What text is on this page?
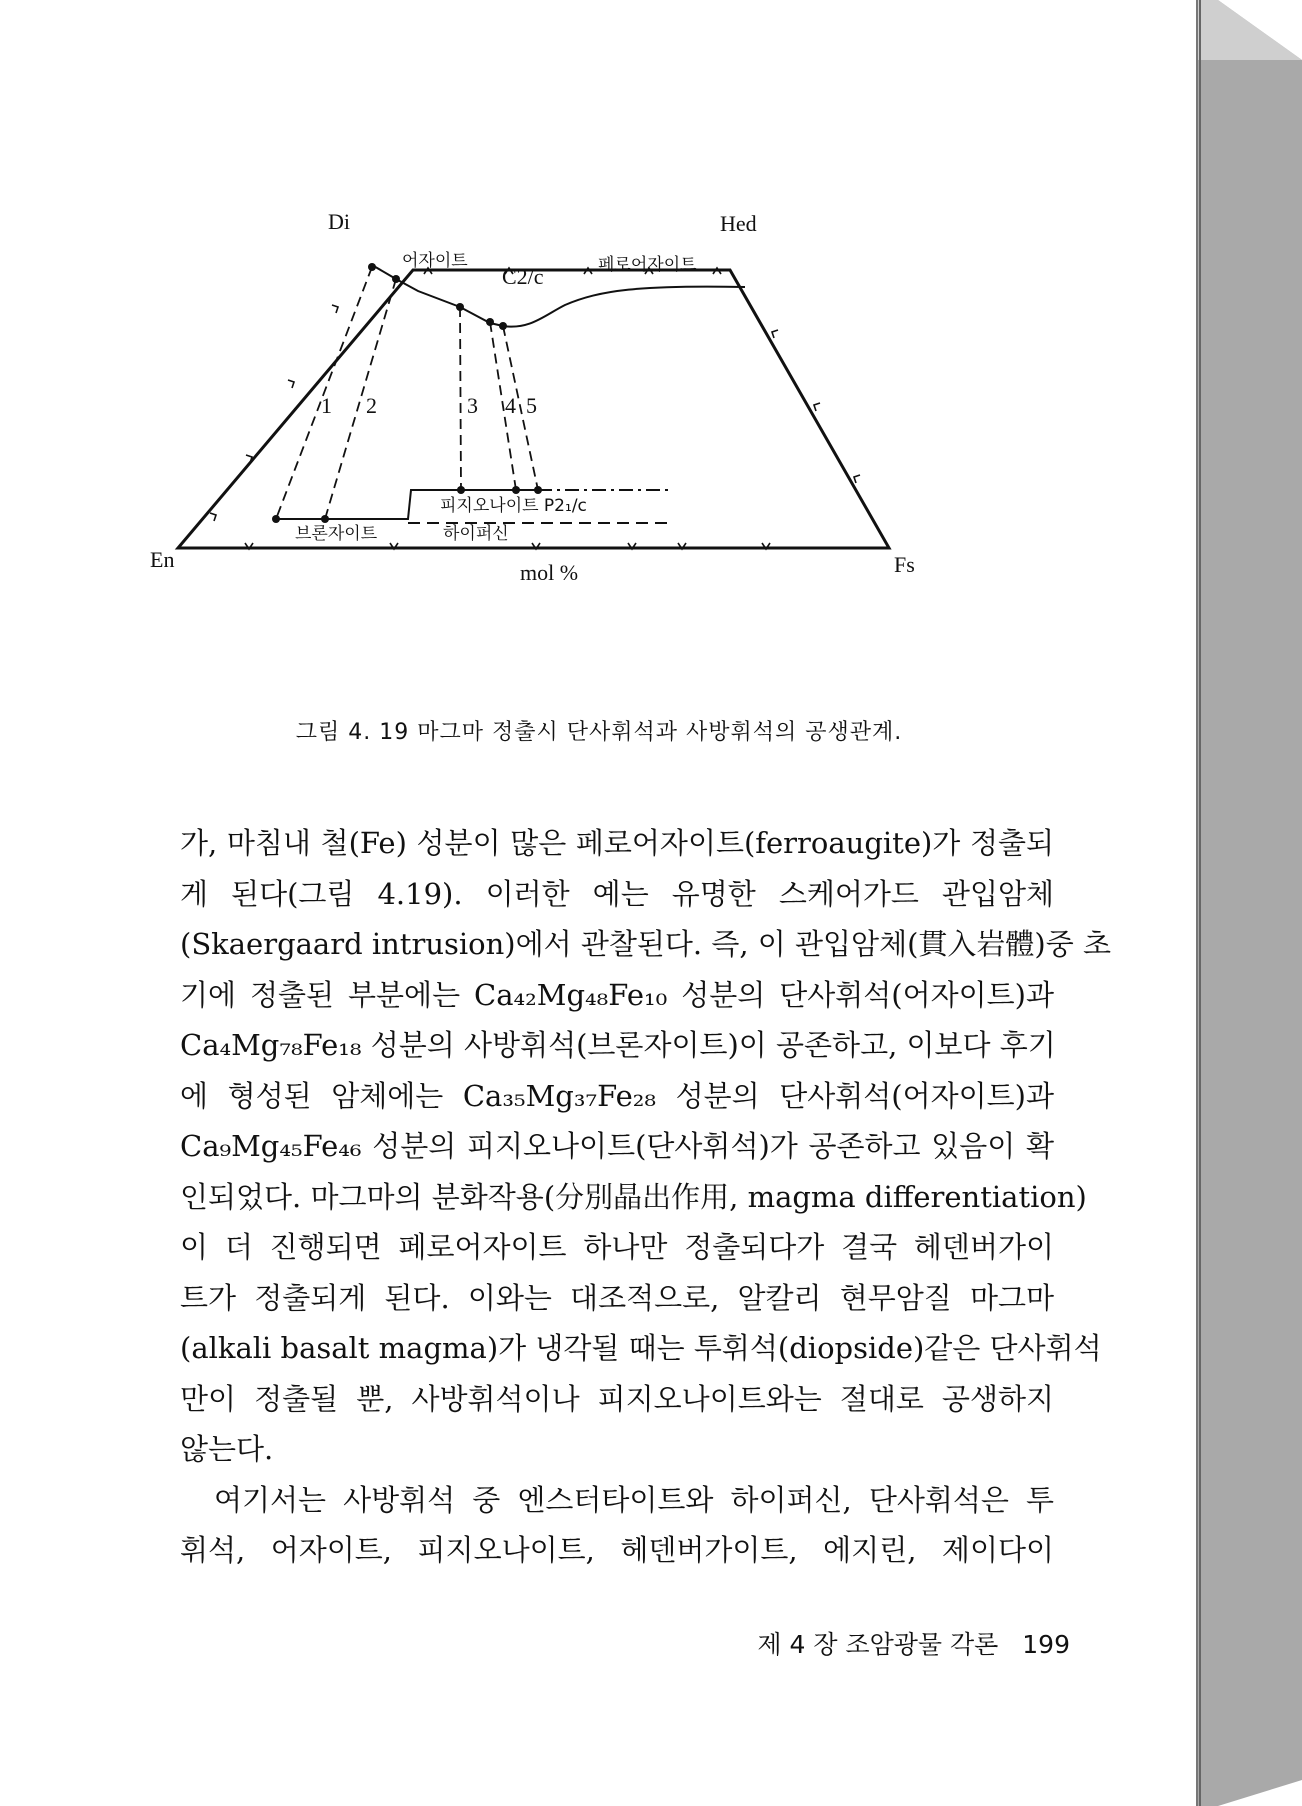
Di	Hed
En	Fs
mol %
어자이트
C2/c	페로어자이트
피지오나이트 P2₁/c
브론자이트	하이퍼신
1 2	3 4 5
그림 4. 19 마그마 정출시 단사휘석과 사방휘석의 공생관계.
가, 마침내 철(Fe) 성분이 많은 페로어자이트(ferroaugite)가 정출되
게 된다(그림 4.19). 이러한 예는 유명한 스케어가드 관입암체
(Skaergaard intrusion)에서 관찰된다. 즉, 이 관입암체(貫入岩體)중 초
기에 정출된 부분에는 Ca₄₂Mg₄₈Fe₁₀ 성분의 단사휘석(어자이트)과
Ca₄Mg₇₈Fe₁₈ 성분의 사방휘석(브론자이트)이 공존하고, 이보다 후기
에 형성된 암체에는 Ca₃₅Mg₃₇Fe₂₈ 성분의 단사휘석(어자이트)과
Ca₉Mg₄₅Fe₄₆ 성분의 피지오나이트(단사휘석)가 공존하고 있음이 확
인되었다. 마그마의 분화작용(分別晶出作用, magma differentiation)
이 더 진행되면 페로어자이트 하나만 정출되다가 결국 헤덴버가이
트가 정출되게 된다. 이와는 대조적으로, 알칼리 현무암질 마그마
(alkali basalt magma)가 냉각될 때는 투휘석(diopside)같은 단사휘석
만이 정출될 뿐, 사방휘석이나 피지오나이트와는 절대로 공생하지
않는다.
여기서는 사방휘석 중 엔스터타이트와 하이퍼신, 단사휘석은 투
휘석, 어자이트, 피지오나이트, 헤덴버가이트, 에지린, 제이다이
제 4 장 조암광물 각론 199
